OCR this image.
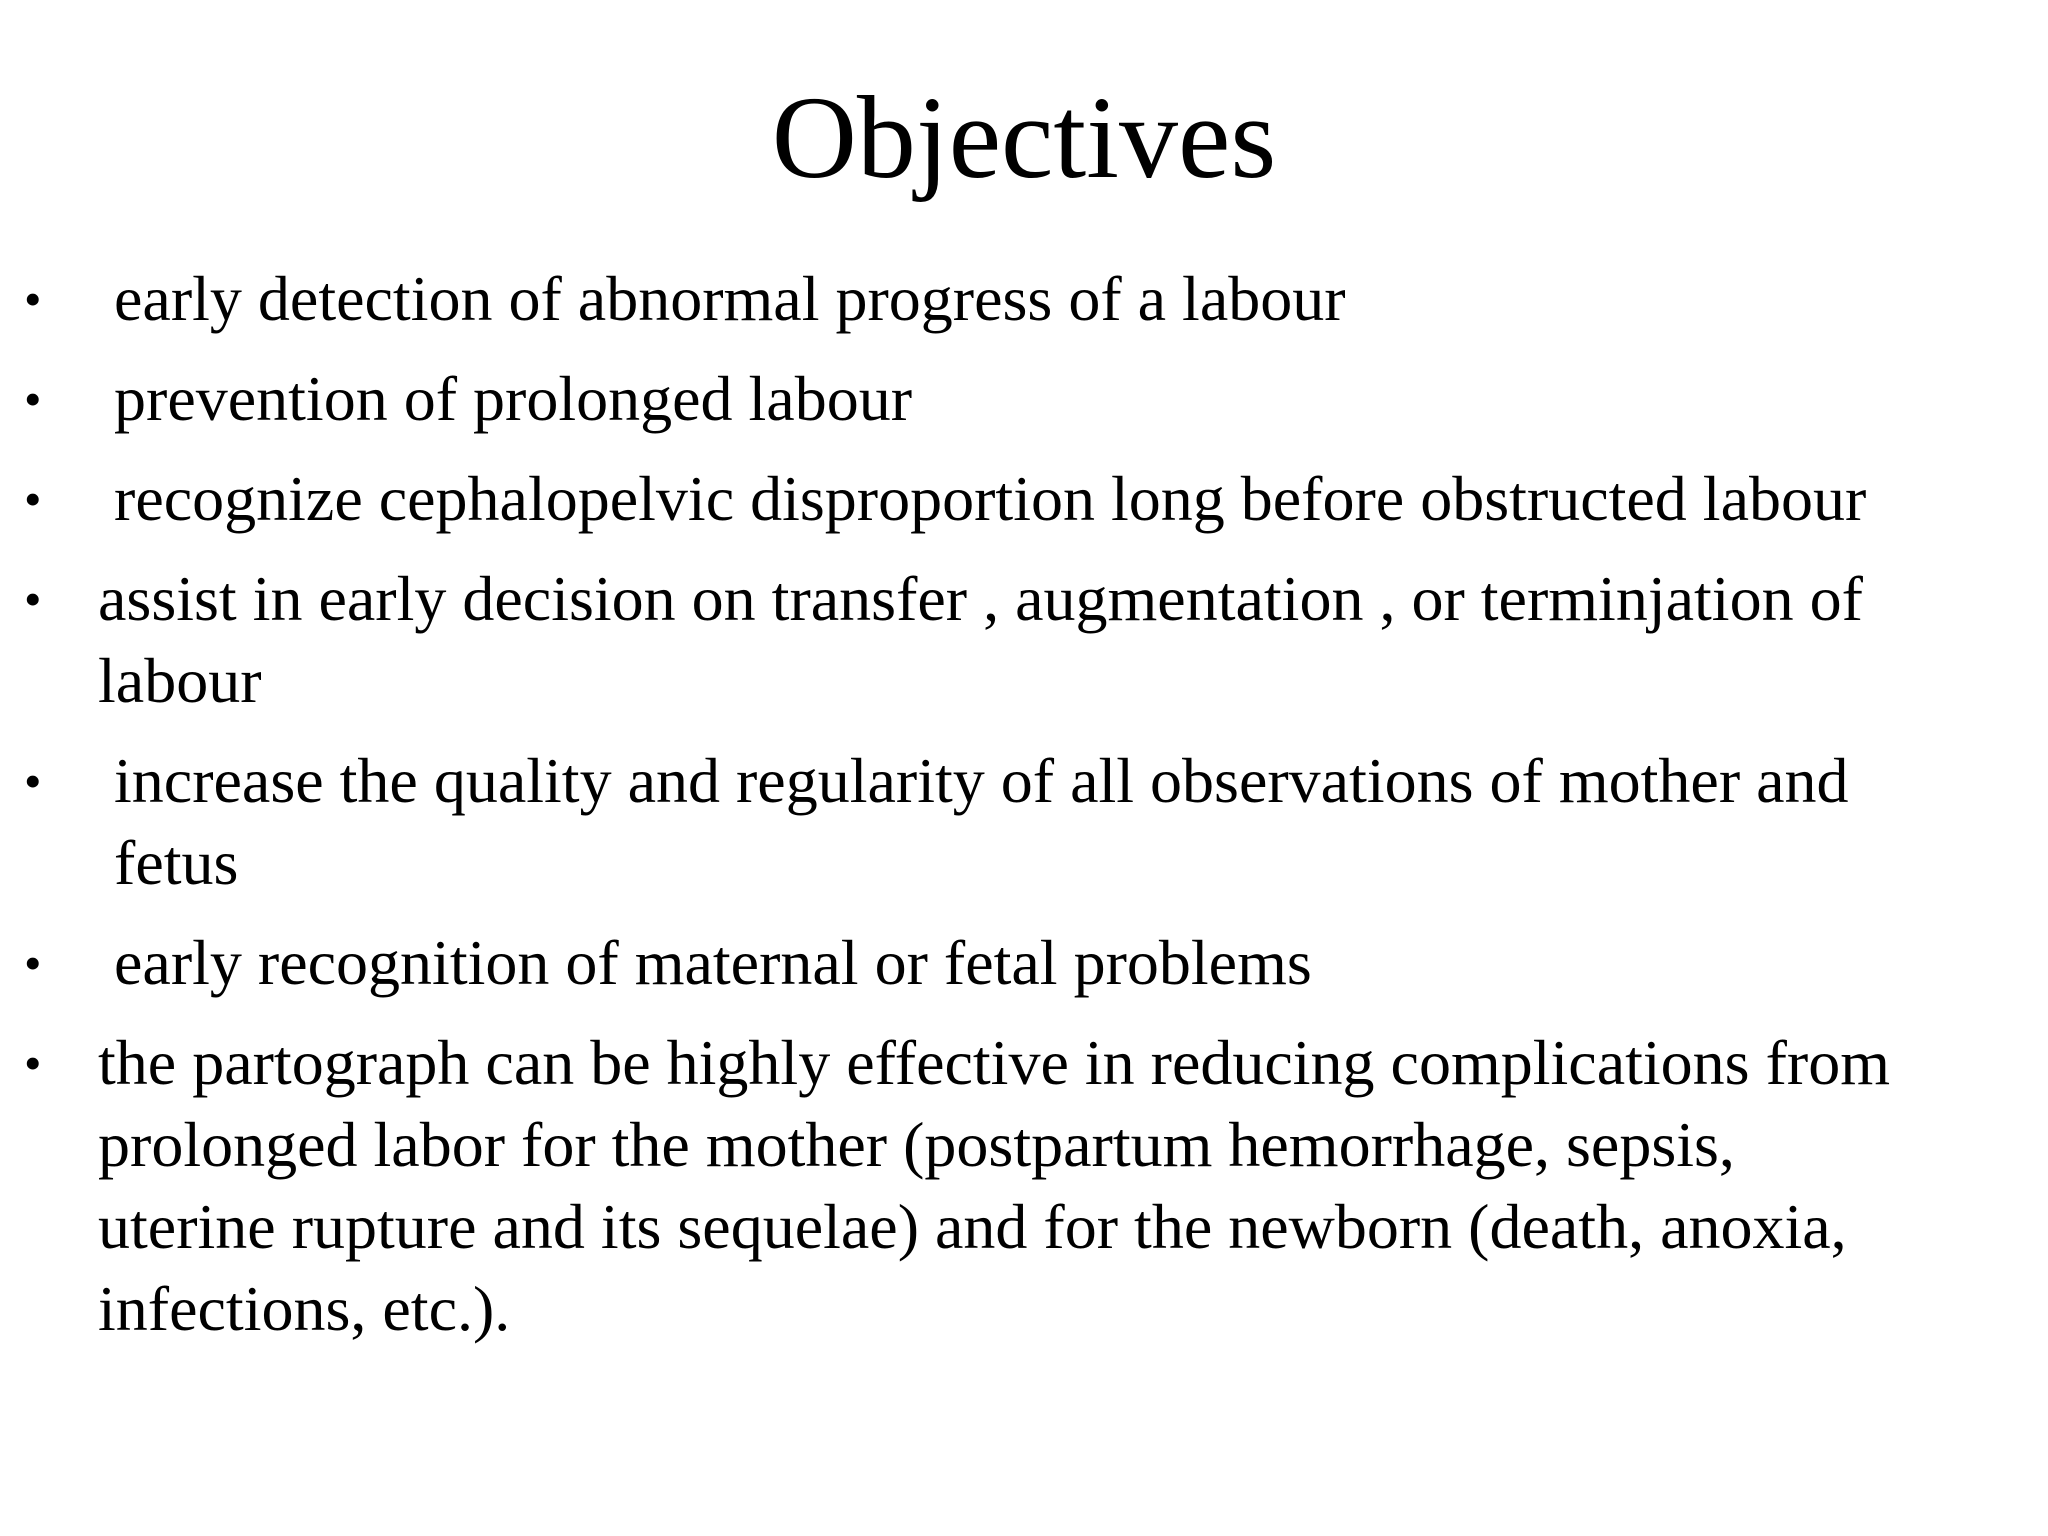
Objectives
• early detection of abnormal progress of a labour
• prevention of prolonged labour
• recognize cephalopelvic disproportion long before obstructed labour
• assist in early decision on transfer , augmentation , or terminjation of
labour
• increase the quality and regularity of all observations of mother and
fetus
• early recognition of maternal or fetal problems
• the partograph can be highly effective in reducing complications from
prolonged labor for the mother (postpartum hemorrhage, sepsis,
uterine rupture and its sequelae) and for the newborn (death, anoxia,
infections, etc.).
